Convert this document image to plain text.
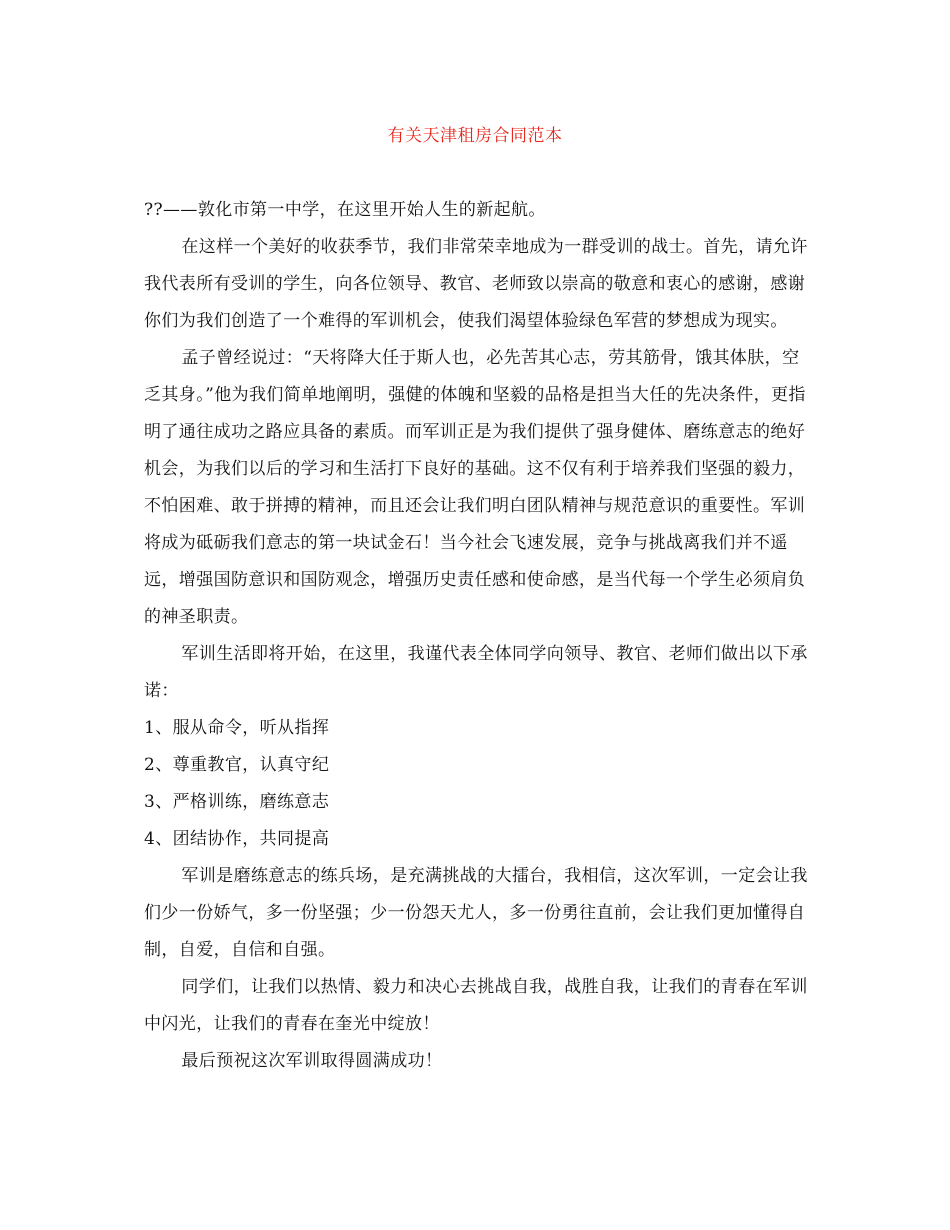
有关天津租房合同范本

??——敦化市第一中学，在这里开始人生的新起航。

在这样一个美好的收获季节，我们非常荣幸地成为一群受训的战士。首先，请允许我代表所有受训的学生，向各位领导、教官、老师致以崇高的敬意和衷心的感谢，感谢你们为我们创造了一个难得的军训机会，使我们渴望体验绿色军营的梦想成为现实。

孟子曾经说过：“天将降大任于斯人也，必先苦其心志，劳其筋骨，饿其体肤，空乏其身。”他为我们简单地阐明，强健的体魄和坚毅的品格是担当大任的先决条件，更指明了通往成功之路应具备的素质。而军训正是为我们提供了强身健体、磨练意志的绝好机会，为我们以后的学习和生活打下良好的基础。这不仅有利于培养我们坚强的毅力，不怕困难、敢于拼搏的精神，而且还会让我们明白团队精神与规范意识的重要性。军训将成为砥砺我们意志的第一块试金石！当今社会飞速发展，竞争与挑战离我们并不遥远，增强国防意识和国防观念，增强历史责任感和使命感，是当代每一个学生必须肩负的神圣职责。

军训生活即将开始，在这里，我谨代表全体同学向领导、教官、老师们做出以下承诺：

1、服从命令，听从指挥

2、尊重教官，认真守纪

3、严格训练，磨练意志

4、团结协作，共同提高

军训是磨练意志的练兵场，是充满挑战的大擂台，我相信，这次军训，一定会让我们少一份娇气，多一份坚强；少一份怨天尤人，多一份勇往直前，会让我们更加懂得自制，自爱，自信和自强。

同学们，让我们以热情、毅力和决心去挑战自我，战胜自我，让我们的青春在军训中闪光，让我们的青春在奎光中绽放！

最后预祝这次军训取得圆满成功！
